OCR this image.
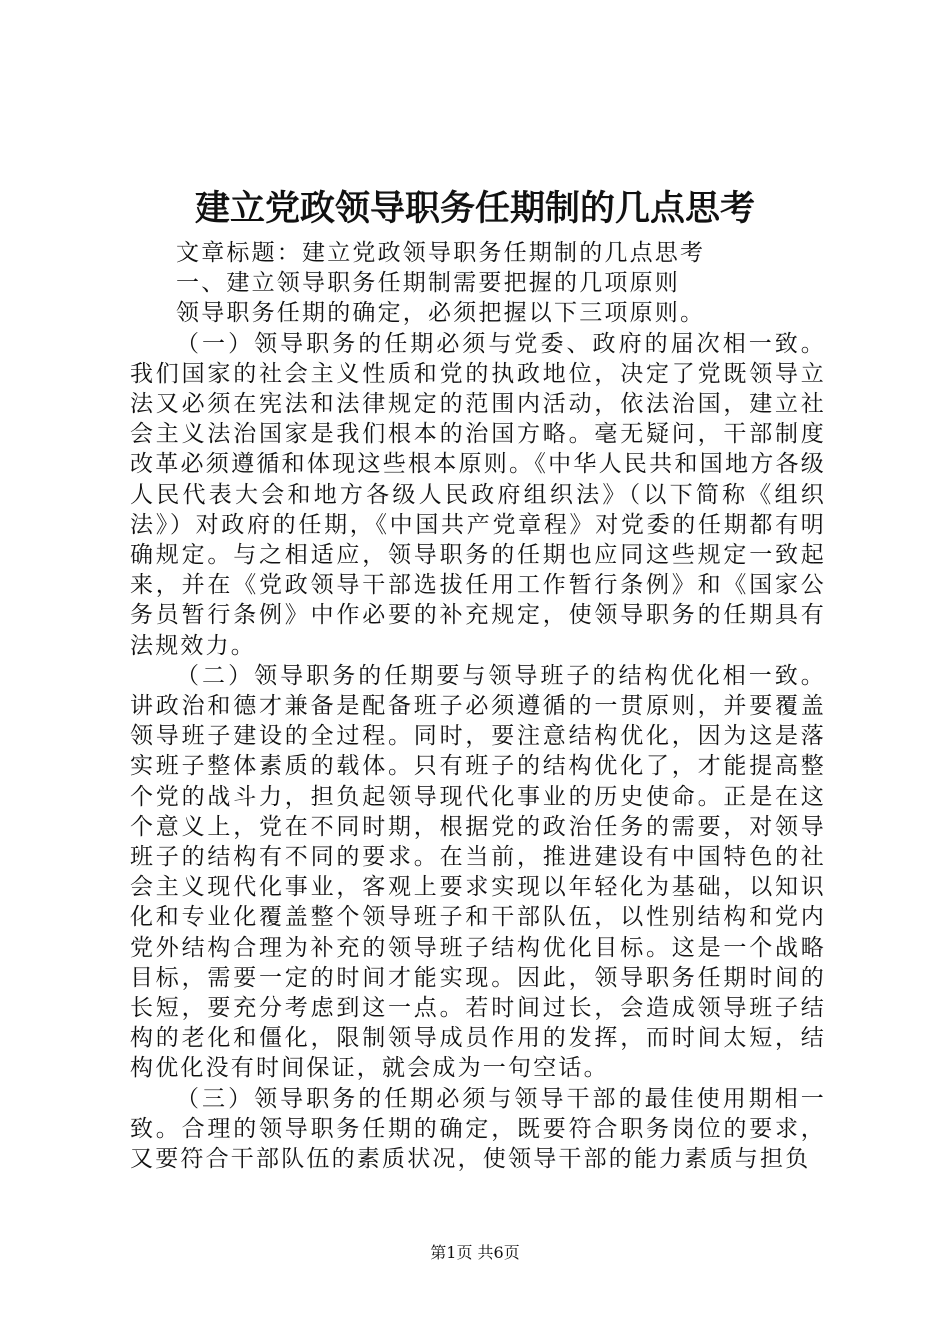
建立党政领导职务任期制的几点思考

文章标题：建立党政领导职务任期制的几点思考

一、建立领导职务任期制需要把握的几项原则

领导职务任期的确定，必须把握以下三项原则。

（一）领导职务的任期必须与党委、政府的届次相一致。我们国家的社会主义性质和党的执政地位，决定了党既领导立法又必须在宪法和法律规定的范围内活动，依法治国，建立社会主义法治国家是我们根本的治国方略。毫无疑问，干部制度改革必须遵循和体现这些根本原则。《中华人民共和国地方各级人民代表大会和地方各级人民政府组织法》（以下简称《组织法》）对政府的任期，《中国共产党章程》对党委的任期都有明确规定。与之相适应，领导职务的任期也应同这些规定一致起来，并在《党政领导干部选拔任用工作暂行条例》和《国家公务员暂行条例》中作必要的补充规定，使领导职务的任期具有法规效力。

（二）领导职务的任期要与领导班子的结构优化相一致。讲政治和德才兼备是配备班子必须遵循的一贯原则，并要覆盖领导班子建设的全过程。同时，要注意结构优化，因为这是落实班子整体素质的载体。只有班子的结构优化了，才能提高整个党的战斗力，担负起领导现代化事业的历史使命。正是在这个意义上，党在不同时期，根据党的政治任务的需要，对领导班子的结构有不同的要求。在当前，推进建设有中国特色的社会主义现代化事业，客观上要求实现以年轻化为基础，以知识化和专业化覆盖整个领导班子和干部队伍，以性别结构和党内党外结构合理为补充的领导班子结构优化目标。这是一个战略目标，需要一定的时间才能实现。因此，领导职务任期时间的长短，要充分考虑到这一点。若时间过长，会造成领导班子结构的老化和僵化，限制领导成员作用的发挥，而时间太短，结构优化没有时间保证，就会成为一句空话。

（三）领导职务的任期必须与领导干部的最佳使用期相一致。合理的领导职务任期的确定，既要符合职务岗位的要求，又要符合干部队伍的素质状况，使领导干部的能力素质与担负

第1页 共6页
